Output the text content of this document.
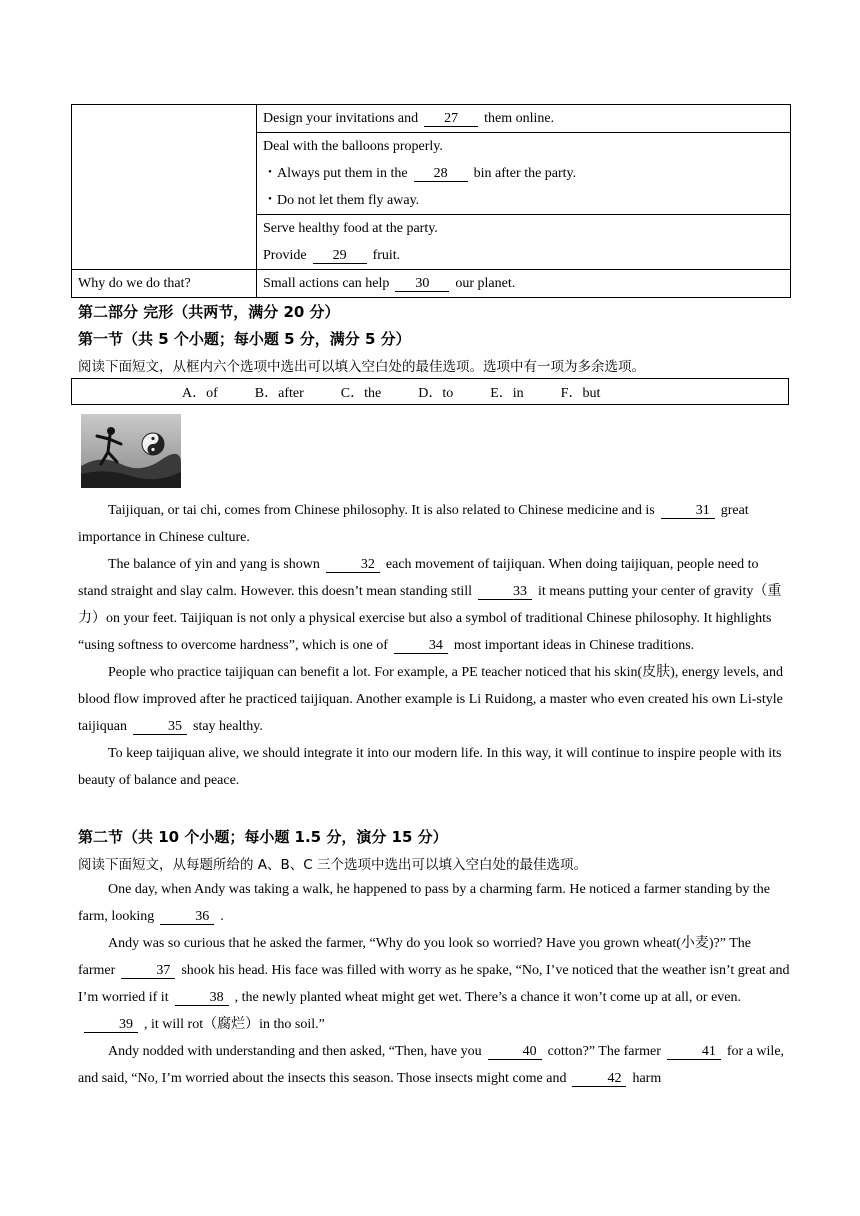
	Design your invitations and 27 them online.

	Deal with the balloons properly.
・Always put them in the 28 bin after the party.
・Do not let them fly away.

	Serve healthy food at the party.
Provide 29 fruit.

Why do we do that?	Small actions can help 30 our planet.
第二部分 完形（共两节，满分 20 分）
第一节（共 5 个小题；每小题 5 分，满分 5 分）
阅读下面短文，从框内六个选项中选出可以填入空白处的最佳选项。选项中有一项为多余选项。
A．of	B．after	C．the	D．to	E．in	F．but

Taijiquan, or tai chi, comes from Chinese philosophy. It is also related to Chinese medicine and is	31 great importance in Chinese culture.

The balance of yin and yang is shown	32 each movement of taijiquan. When doing taijiquan, people need to stand straight and slay calm. However. this doesn’t mean standing still	33 it means putting your center of gravity（重力）on your feet. Taijiquan is not only a physical exercise but also a symbol of traditional Chinese philosophy. It highlights “using softness to overcome hardness”, which is one of	34 most important ideas in Chinese traditions.

People who practice taijiquan can benefit a lot. For example, a PE teacher noticed that his skin(皮肤), energy levels, and blood flow improved after he practiced taijiquan. Another example is Li Ruidong, a master who even created his own Li-style taijiquan	35 stay healthy.

To keep taijiquan alive, we should integrate it into our modern life. In this way, it will continue to inspire people with its beauty of balance and peace.

第二节（共 10 个小题；每小题 1.5 分，演分 15 分）
阅读下面短文，从每题所给的 A、B、C 三个选项中选出可以填入空白处的最佳选项。

One day, when Andy was taking a walk, he happened to pass by a charming farm. He noticed a farmer standing by the farm, looking	36 .

Andy was so curious that he asked the farmer, “Why do you look so worried? Have you grown wheat(小麦)?” The farmer	37 shook his head. His face was filled with worry as he spake, “No, I’ve noticed that the weather isn’t great and I’m worried if it	38 , the newly planted wheat might get wet. There’s a chance it won’t come up at all, or even.39 , it will rot（腐烂）in tho soil.”

Andy nodded with understanding and then asked, “Then, have you	40 cotton?” The farmer	41 for a wile, and said, “No, I’m worried about the insects this season. Those insects might come and	42 harm
